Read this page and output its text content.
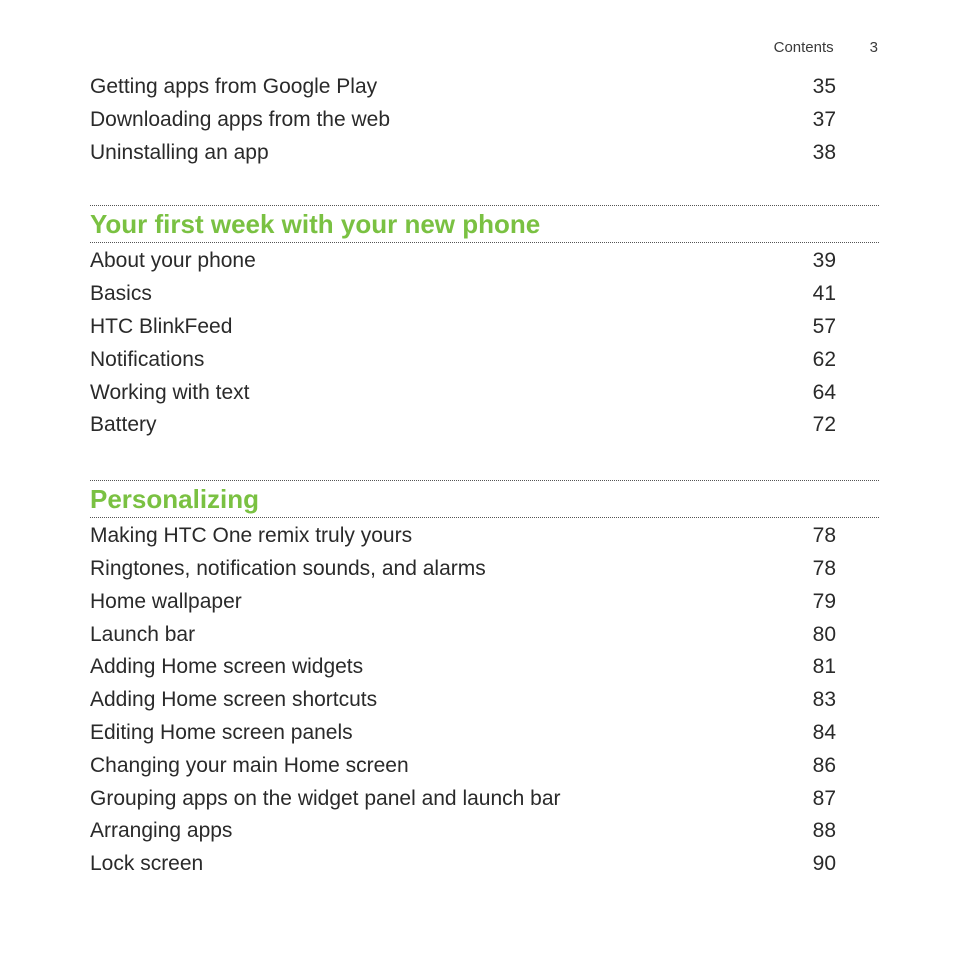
Contents 3
Getting apps from Google Play	35
Downloading apps from the web	37
Uninstalling an app	38
Your first week with your new phone
About your phone	39
Basics	41
HTC BlinkFeed	57
Notifications	62
Working with text	64
Battery	72
Personalizing
Making HTC One remix truly yours	78
Ringtones, notification sounds, and alarms	78
Home wallpaper	79
Launch bar	80
Adding Home screen widgets	81
Adding Home screen shortcuts	83
Editing Home screen panels	84
Changing your main Home screen	86
Grouping apps on the widget panel and launch bar	87
Arranging apps	88
Lock screen	90
